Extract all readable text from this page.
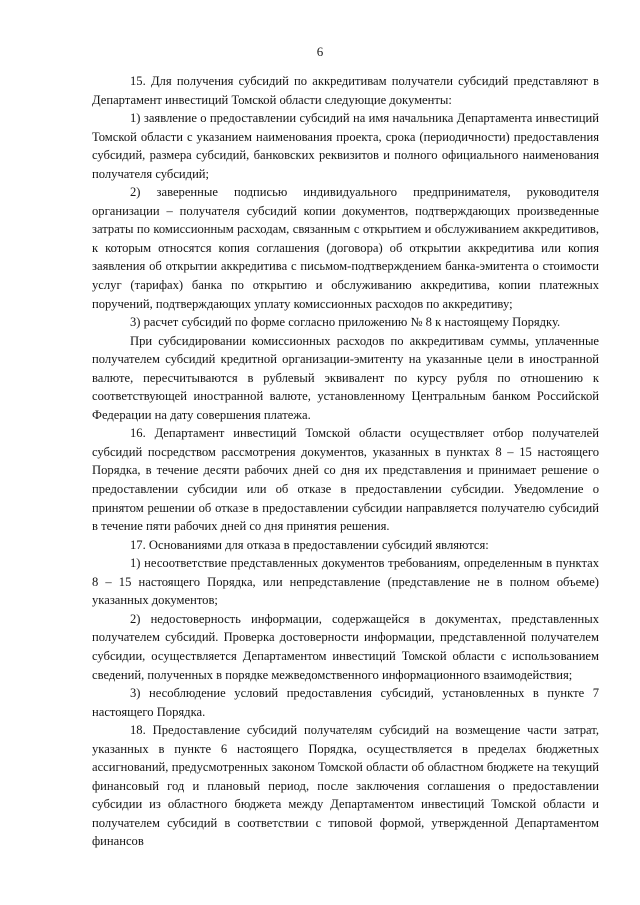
6

15. Для получения субсидий по аккредитивам получатели субсидий представляют в Департамент инвестиций Томской области следующие документы:

1) заявление о предоставлении субсидий на имя начальника Департамента инвестиций Томской области с указанием наименования проекта, срока (периодичности) предоставления субсидий, размера субсидий, банковских реквизитов и полного официального наименования получателя субсидий;

2) заверенные подписью индивидуального предпринимателя, руководителя организации – получателя субсидий копии документов, подтверждающих произведенные затраты по комиссионным расходам, связанным с открытием и обслуживанием аккредитивов, к которым относятся копия соглашения (договора) об открытии аккредитива или копия заявления об открытии аккредитива с письмом-подтверждением банка-эмитента о стоимости услуг (тарифах) банка по открытию и обслуживанию аккредитива, копии платежных поручений, подтверждающих уплату комиссионных расходов по аккредитиву;

3) расчет субсидий по форме согласно приложению № 8 к настоящему Порядку.

При субсидировании комиссионных расходов по аккредитивам суммы, уплаченные получателем субсидий кредитной организации-эмитенту на указанные цели в иностранной валюте, пересчитываются в рублевый эквивалент по курсу рубля по отношению к соответствующей иностранной валюте, установленному Центральным банком Российской Федерации на дату совершения платежа.

16. Департамент инвестиций Томской области осуществляет отбор получателей субсидий посредством рассмотрения документов, указанных в пунктах 8 – 15 настоящего Порядка, в течение десяти рабочих дней со дня их представления и принимает решение о предоставлении субсидии или об отказе в предоставлении субсидии. Уведомление о принятом решении об отказе в предоставлении субсидии направляется получателю субсидий в течение пяти рабочих дней со дня принятия решения.

17. Основаниями для отказа в предоставлении субсидий являются:

1) несоответствие представленных документов требованиям, определенным в пунктах 8 – 15 настоящего Порядка, или непредставление (представление не в полном объеме) указанных документов;

2) недостоверность информации, содержащейся в документах, представленных получателем субсидий. Проверка достоверности информации, представленной получателем субсидии, осуществляется Департаментом инвестиций Томской области с использованием сведений, полученных в порядке межведомственного информационного взаимодействия;

3) несоблюдение условий предоставления субсидий, установленных в пункте 7 настоящего Порядка.

18. Предоставление субсидий получателям субсидий на возмещение части затрат, указанных в пункте 6 настоящего Порядка, осуществляется в пределах бюджетных ассигнований, предусмотренных законом Томской области об областном бюджете на текущий финансовый год и плановый период, после заключения соглашения о предоставлении субсидии из областного бюджета между Департаментом инвестиций Томской области и получателем субсидий в соответствии с типовой формой, утвержденной Департаментом финансов
